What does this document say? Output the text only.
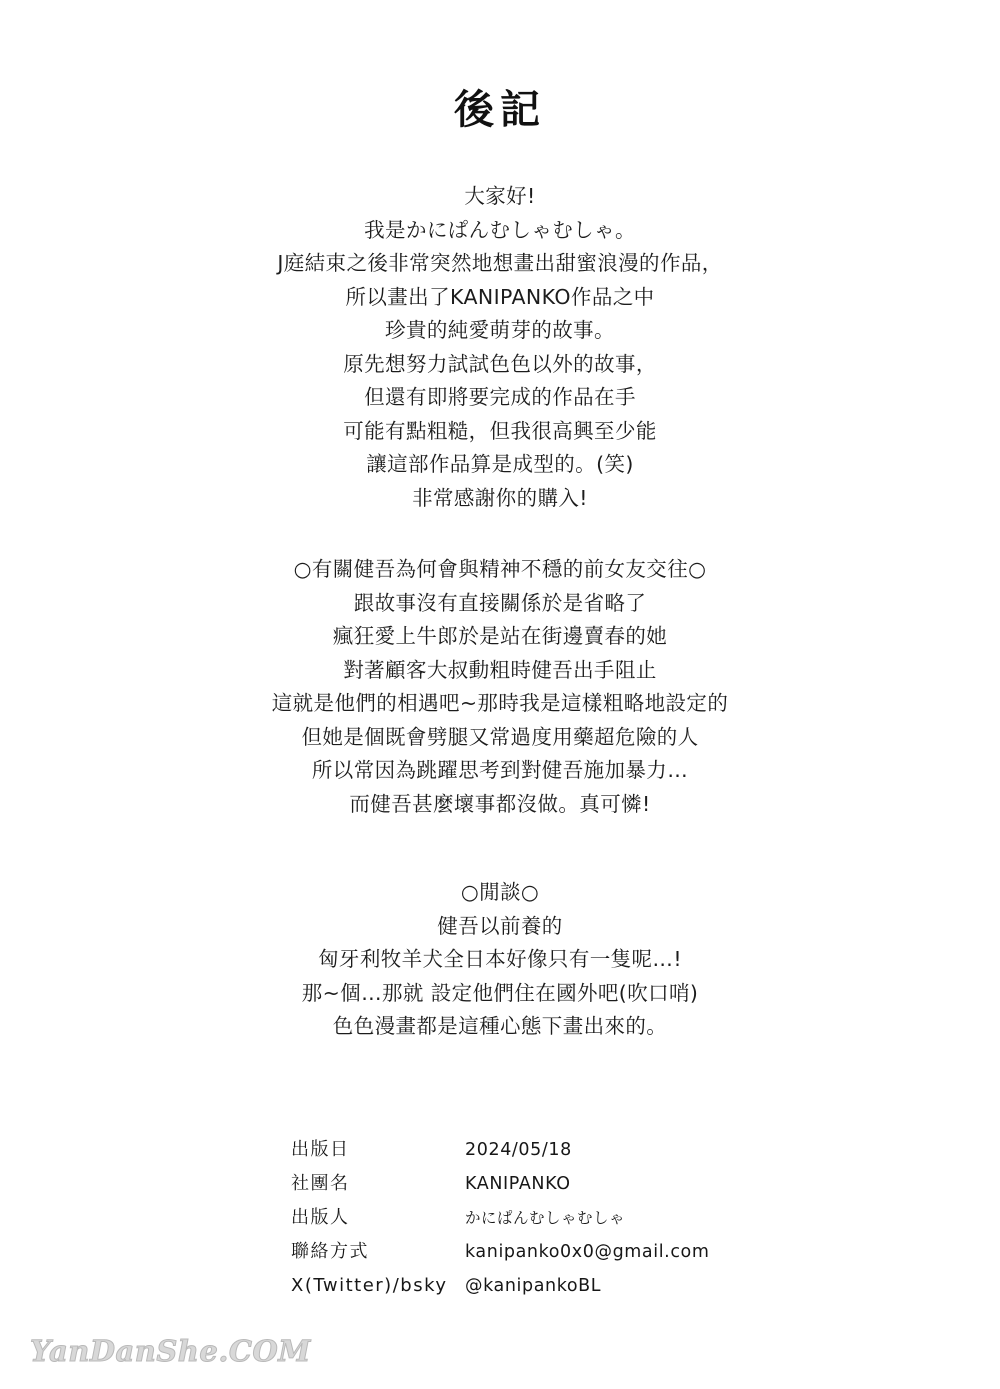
後記

大家好!

我是かにぱんむしゃむしゃ。

J庭結束之後非常突然地想畫出甜蜜浪漫的作品，

所以畫出了KANIPANKO作品之中

珍貴的純愛萌芽的故事。

原先想努力試試色色以外的故事，

但還有即將要完成的作品在手

可能有點粗糙，但我很高興至少能

讓這部作品算是成型的。(笑)

非常感謝你的購入!

○有關健吾為何會與精神不穩的前女友交往○

跟故事沒有直接關係於是省略了

瘋狂愛上牛郎於是站在街邊賣春的她

對著顧客大叔動粗時健吾出手阻止

這就是他們的相遇吧~那時我是這樣粗略地設定的

但她是個既會劈腿又常過度用藥超危險的人

所以常因為跳躍思考到對健吾施加暴力…

而健吾甚麼壞事都沒做。真可憐!

○閒談○

健吾以前養的

匈牙利牧羊犬全日本好像只有一隻呢…!

那~個…那就 設定他們住在國外吧(吹口哨)

色色漫畫都是這種心態下畫出來的。

出版日	2024/05/18
社團名	KANIPANKO
出版人	かにぱんむしゃむしゃ
聯絡方式	kanipanko0x0@gmail.com
X(Twitter)/bsky @kanipankoBL
YanDanShe.COM
